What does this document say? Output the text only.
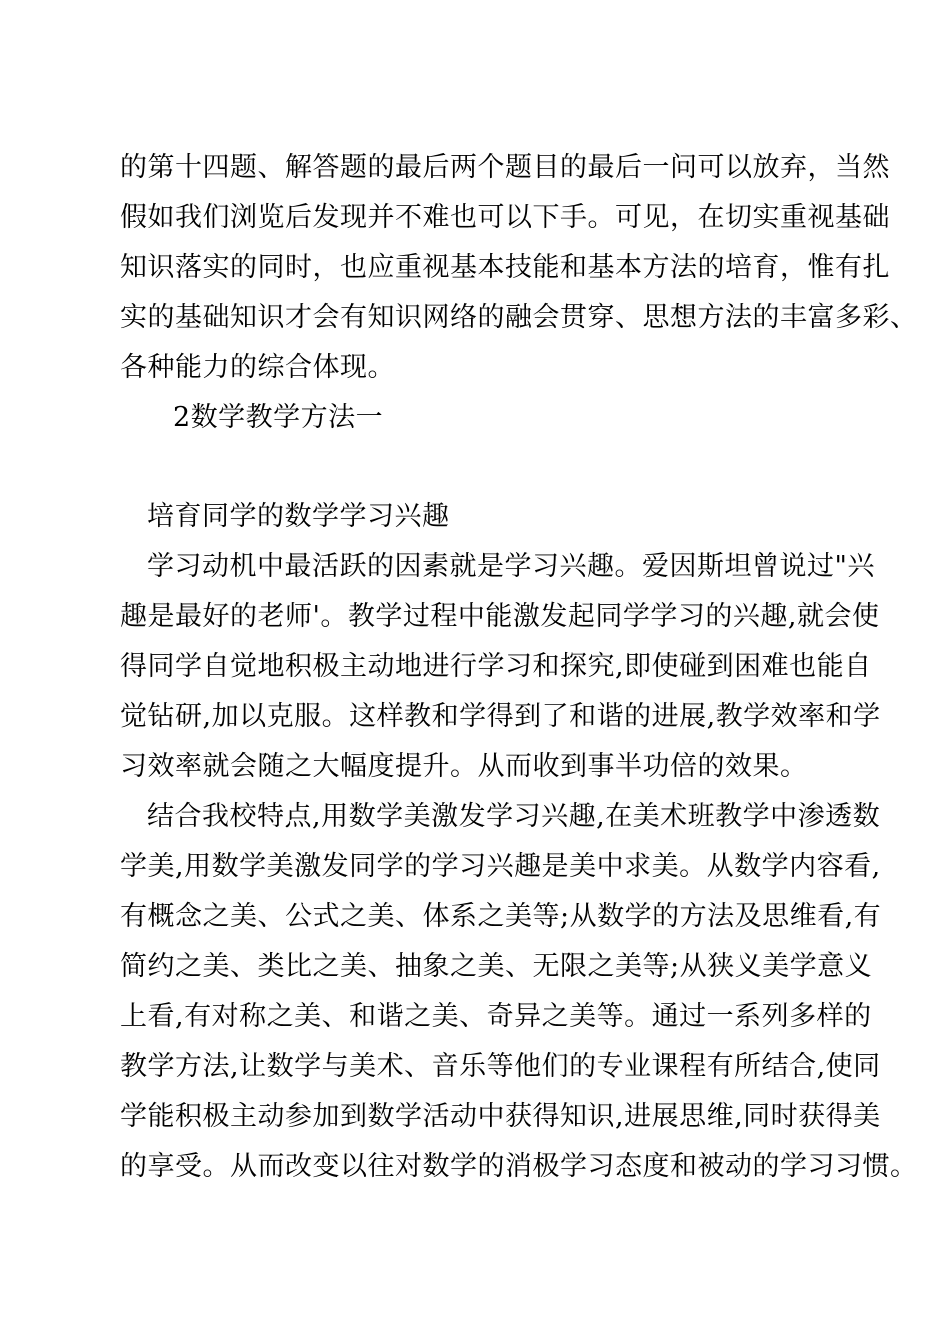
的第十四题、解答题的最后两个题目的最后一问可以放弃，当然
假如我们浏览后发现并不难也可以下手。可见，在切实重视基础
知识落实的同时，也应重视基本技能和基本方法的培育，惟有扎
实的基础知识才会有知识网络的融会贯穿、思想方法的丰富多彩、
各种能力的综合体现。
2数学教学方法一
培育同学的数学学习兴趣
学习动机中最活跃的因素就是学习兴趣。爱因斯坦曾说过"兴
趣是最好的老师'。教学过程中能激发起同学学习的兴趣,就会使
得同学自觉地积极主动地进行学习和探究,即使碰到困难也能自
觉钻研,加以克服。这样教和学得到了和谐的进展,教学效率和学
习效率就会随之大幅度提升。从而收到事半功倍的效果。
结合我校特点,用数学美激发学习兴趣,在美术班教学中渗透数
学美,用数学美激发同学的学习兴趣是美中求美。从数学内容看,
有概念之美、公式之美、体系之美等;从数学的方法及思维看,有
简约之美、类比之美、抽象之美、无限之美等;从狭义美学意义
上看,有对称之美、和谐之美、奇异之美等。通过一系列多样的
教学方法,让数学与美术、音乐等他们的专业课程有所结合,使同
学能积极主动参加到数学活动中获得知识,进展思维,同时获得美
的享受。从而改变以往对数学的消极学习态度和被动的学习习惯。
